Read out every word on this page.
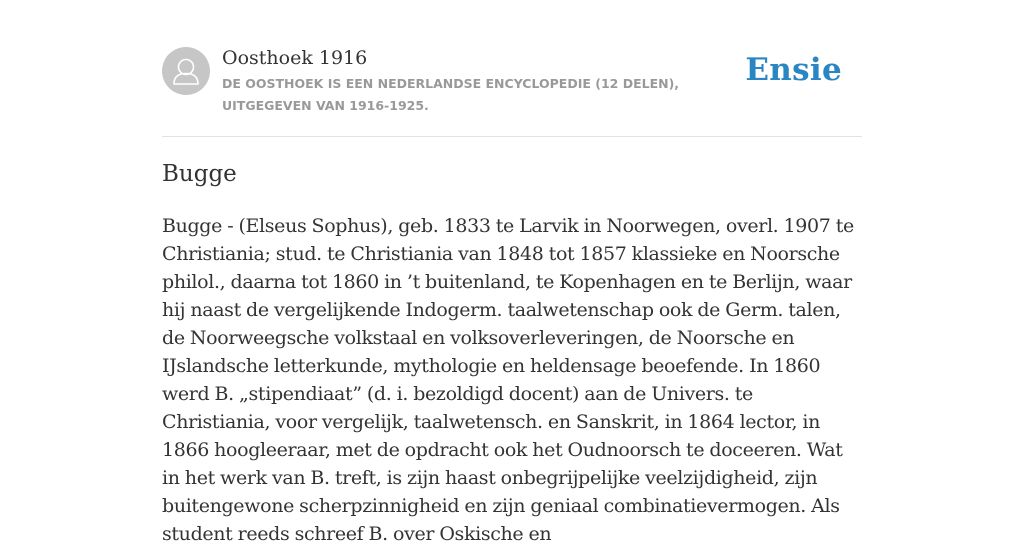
Oosthoek 1916

DE OOSTHOEK IS EEN NEDERLANDSE ENCYCLOPEDIE (12 DELEN), UITGEGEVEN VAN 1916-1925.

Ensie
Bugge

Bugge - (Elseus Sophus), geb. 1833 te Larvik in Noorwegen, overl. 1907 te Christiania; stud. te Christiania van 1848 tot 1857 klassieke en Noorsche philol., daarna tot 1860 in ’t buitenland, te Kopenhagen en te Berlijn, waar hij naast de vergelijkende Indogerm. taalwetenschap ook de Germ. talen, de Noorweegsche volkstaal en volksoverleveringen, de Noorsche en IJslandsche letterkunde, mythologie en heldensage beoefende. In 1860 werd B. „stipendiaat” (d. i. bezoldigd docent) aan de Univers. te Christiania, voor vergelijk, taalwetensch. en Sanskrit, in 1864 lector, in 1866 hoogleeraar, met de opdracht ook het Oudnoorsch te doceeren. Wat in het werk van B. treft, is zijn haast onbegrijpelijke veelzijdigheid, zijn buitengewone scherpzinnigheid en zijn geniaal combinatievermogen. Als student reeds schreef B. over Oskische en
